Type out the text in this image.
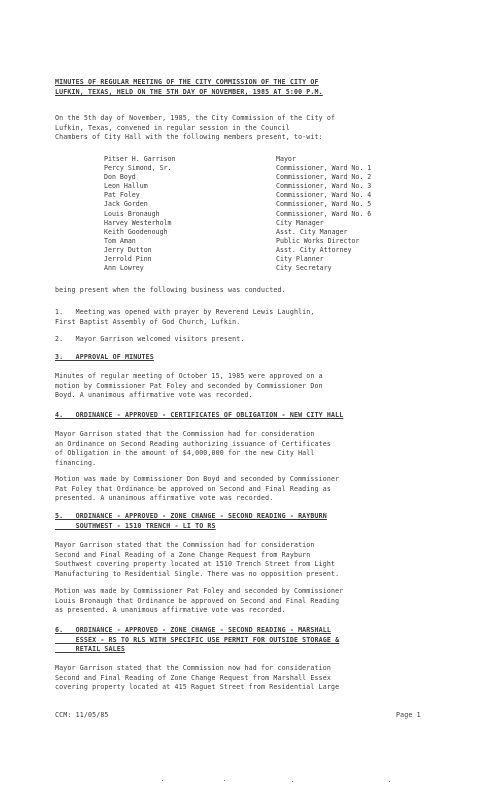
MINUTES OF REGULAR MEETING OF THE CITY COMMISSION OF THE CITY OF
LUFKIN, TEXAS, HELD ON THE 5TH DAY OF NOVEMBER, 1985 AT 5:00 P.M.
On the 5th day of November, 1985, the City Commission of the City of
Lufkin, Texas, convened in regular session in the Council
Chambers of City Hall with the following members present, to-wit:
Pitser H. Garrison	Mayor
Percy Simond, Sr.	Commissioner, Ward No. 1
Don Boyd	Commissioner, Ward No. 2
Leon Hallum	Commissioner, Ward No. 3
Pat Foley	Commissioner, Ward No. 4
Jack Gorden	Commissioner, Ward No. 5
Louis Bronaugh	Commissioner, Ward No. 6
Harvey Westerholm	City Manager
Keith Goodenough	Asst. City Manager
Tom Aman	Public Works Director
Jerry Dutton	Asst. City Attorney
Jerrold Pinn	City Planner
Ann Lowrey	City Secretary
being present when the following business was conducted.
1.   Meeting was opened with prayer by Reverend Lewis Laughlin,
First Baptist Assembly of God Church, Lufkin.
2.   Mayor Garrison welcomed visitors present.
3.   APPROVAL OF MINUTES
Minutes of regular meeting of October 15, 1985 were approved on a
motion by Commissioner Pat Foley and seconded by Commissioner Don
Boyd. A unanimous affirmative vote was recorded.
4.   ORDINANCE - APPROVED - CERTIFICATES OF OBLIGATION - NEW CITY HALL
Mayor Garrison stated that the Commission had for consideration
an Ordinance on Second Reading authorizing issuance of Certificates
of Obligation in the amount of $4,000,000 for the new City Hall
financing.
Motion was made by Commissioner Don Boyd and seconded by Commissioner
Pat Foley that Ordinance be approved on Second and Final Reading as
presented. A unanimous affirmative vote was recorded.
5.   ORDINANCE - APPROVED - ZONE CHANGE - SECOND READING - RAYBURN
SOUTHWEST - 1510 TRENCH - LI TO RS
Mayor Garrison stated that the Commission had for consideration
Second and Final Reading of a Zone Change Request from Rayburn
Southwest covering property located at 1510 Trench Street from Light
Manufacturing to Residential Single. There was no opposition present.
Motion was made by Commissioner Pat Foley and seconded by Commissioner
Louis Bronaugh that Ordinance be approved on Second and Final Reading
as presented. A unanimous affirmative vote was recorded.
6.   ORDINANCE - APPROVED - ZONE CHANGE - SECOND READING - MARSHALL
ESSEX - RS TO RLS WITH SPECIFIC USE PERMIT FOR OUTSIDE STORAGE &
RETAIL SALES
Mayor Garrison stated that the Commission now had for consideration
Second and Final Reading of Zone Change Request from Marshall Essex
covering property located at 415 Raguet Street from Residential Large
CCM: 11/05/85	Page 1
